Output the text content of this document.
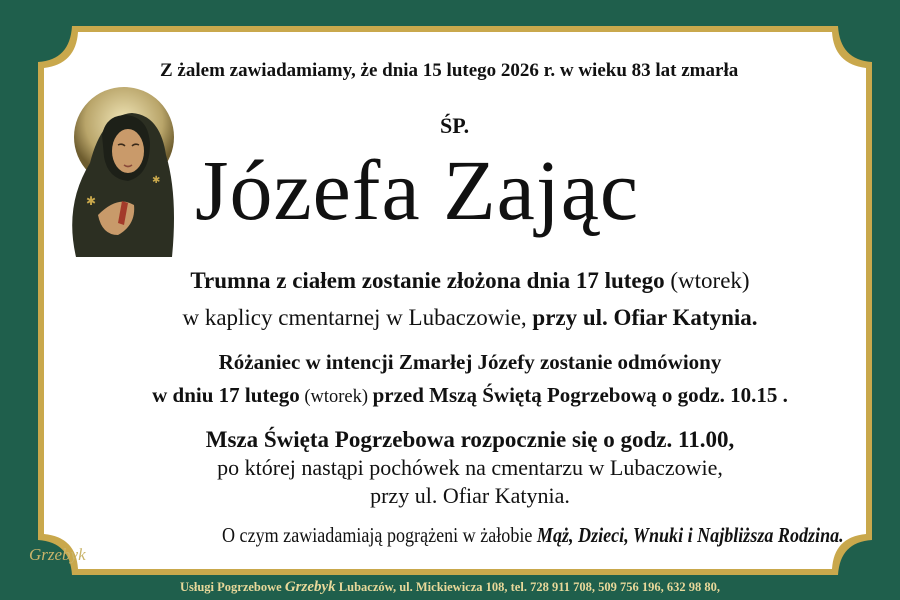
✱
✱
Z żalem zawiadamiamy, że dnia 15 lutego 2026 r. w wieku 83 lat zmarła
ŚP.
Józefa Zając
Trumna z ciałem zostanie złożona dnia 17 lutego (wtorek)
w kaplicy cmentarnej w Lubaczowie, przy ul. Ofiar Katynia.
Różaniec w intencji Zmarłej Józefy zostanie odmówiony
w dniu 17 lutego (wtorek) przed Mszą Świętą Pogrzebową o godz. 10.15 .
Msza Święta Pogrzebowa rozpocznie się o godz. 11.00,
po której nastąpi pochówek na cmentarzu w Lubaczowie,
przy ul. Ofiar Katynia.
O czym zawiadamiają pogrążeni w żałobie Mąż, Dzieci, Wnuki i Najbliższa Rodzina.
Grzebyk
Usługi Pogrzebowe Grzebyk Lubaczów, ul. Mickiewicza 108, tel. 728 911 708, 509 756 196, 632 98 80,
